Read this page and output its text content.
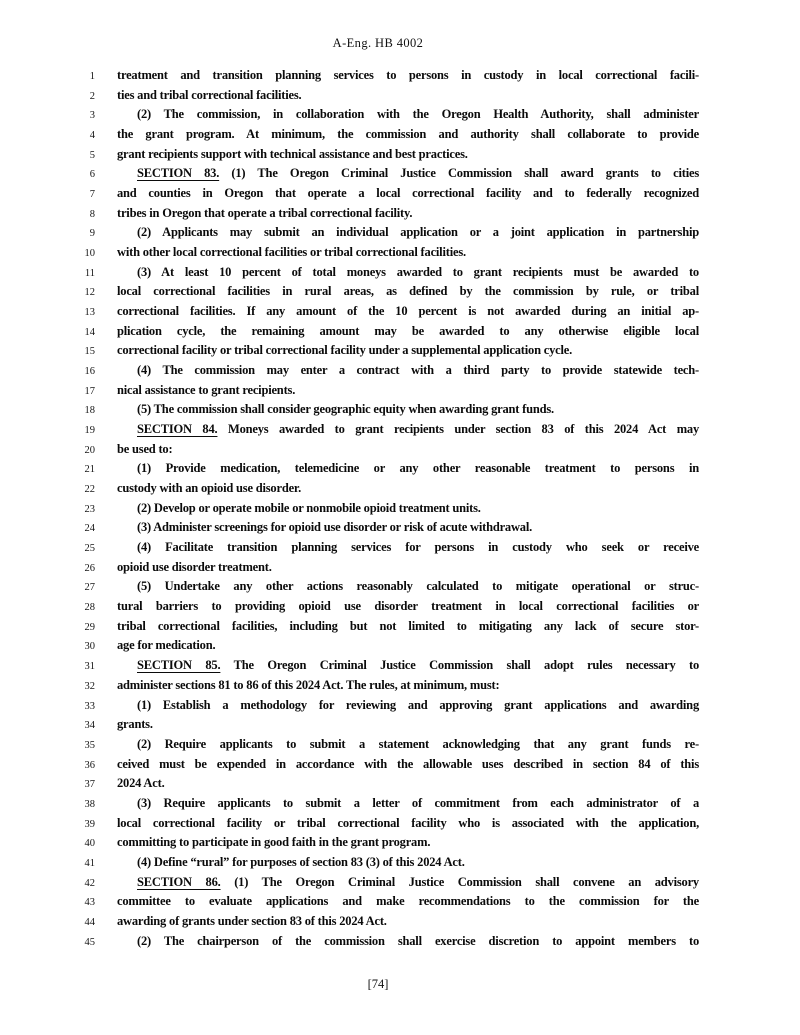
A-Eng. HB 4002
1 treatment and transition planning services to persons in custody in local correctional facili-
2 ties and tribal correctional facilities.
3	(2) The commission, in collaboration with the Oregon Health Authority, shall administer
4 the grant program. At minimum, the commission and authority shall collaborate to provide
5 grant recipients support with technical assistance and best practices.
6	SECTION 83. (1) The Oregon Criminal Justice Commission shall award grants to cities
7 and counties in Oregon that operate a local correctional facility and to federally recognized
8 tribes in Oregon that operate a tribal correctional facility.
9	(2) Applicants may submit an individual application or a joint application in partnership
10 with other local correctional facilities or tribal correctional facilities.
11	(3) At least 10 percent of total moneys awarded to grant recipients must be awarded to
12 local correctional facilities in rural areas, as defined by the commission by rule, or tribal
13 correctional facilities. If any amount of the 10 percent is not awarded during an initial ap-
14 plication cycle, the remaining amount may be awarded to any otherwise eligible local
15 correctional facility or tribal correctional facility under a supplemental application cycle.
16	(4) The commission may enter a contract with a third party to provide statewide tech-
17 nical assistance to grant recipients.
18	(5) The commission shall consider geographic equity when awarding grant funds.
19	SECTION 84. Moneys awarded to grant recipients under section 83 of this 2024 Act may
20 be used to:
21	(1) Provide medication, telemedicine or any other reasonable treatment to persons in
22 custody with an opioid use disorder.
23	(2) Develop or operate mobile or nonmobile opioid treatment units.
24	(3) Administer screenings for opioid use disorder or risk of acute withdrawal.
25	(4) Facilitate transition planning services for persons in custody who seek or receive
26 opioid use disorder treatment.
27	(5) Undertake any other actions reasonably calculated to mitigate operational or struc-
28 tural barriers to providing opioid use disorder treatment in local correctional facilities or
29 tribal correctional facilities, including but not limited to mitigating any lack of secure stor-
30 age for medication.
31	SECTION 85. The Oregon Criminal Justice Commission shall adopt rules necessary to
32 administer sections 81 to 86 of this 2024 Act. The rules, at minimum, must:
33	(1) Establish a methodology for reviewing and approving grant applications and awarding
34 grants.
35	(2) Require applicants to submit a statement acknowledging that any grant funds re-
36 ceived must be expended in accordance with the allowable uses described in section 84 of this
37 2024 Act.
38	(3) Require applicants to submit a letter of commitment from each administrator of a
39 local correctional facility or tribal correctional facility who is associated with the application,
40 committing to participate in good faith in the grant program.
41	(4) Define “rural” for purposes of section 83 (3) of this 2024 Act.
42	SECTION 86. (1) The Oregon Criminal Justice Commission shall convene an advisory
43 committee to evaluate applications and make recommendations to the commission for the
44 awarding of grants under section 83 of this 2024 Act.
45	(2) The chairperson of the commission shall exercise discretion to appoint members to
[74]
